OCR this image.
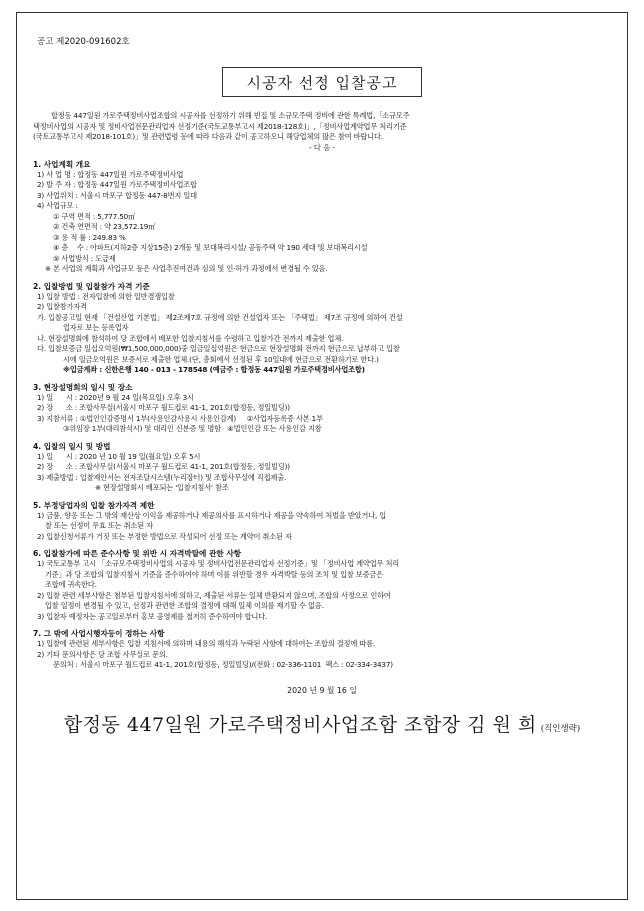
공고 제2020-091602호
시공자 선정 입찰공고
합정동 447일원 가로주택정비사업조합의 시공자를 선정하기 위해 빈집 및 소규모주택 정비에 관한 특례법,「소규모주
택정비사업의 시공자 및 정비사업전문관리업자 선정기준(국토교통부고시 제2018-128호)」,「정비사업계약업무 처리기준
(국토교통부고시 제2018-101호)」및 관련법령 등에 따라 다음과 같이 공고하오니 해당업체의 많은 참여 바랍니다.
- 다 음 -
1. 사업계획 개요
1) 사 업 명 : 합정동 447일원 가로주택정비사업
2) 발 주 자 : 합정동 447일원 가로주택정비사업조합
3) 사업위치 : 서울시 마포구 합정동 447-8번지 일대
4) 사업규모 :
① 구역 면적 : 5,777.50㎡
② 건축 연면적 : 약 23,572.19㎡
③ 용 적 률 : 249.83 %
④ 층    수 : 아파트(지하2층 지상15층) 2개동 및 보대복리시설/ 공동주택 약 190 세대 및 보대복리시설
⑤ 사업방식 : 도급제
※ 본 사업의 계획과 사업규모 등은 사업추진여건과 심의 및 인·허가 과정에서 변경될 수 있음.
2. 입찰방법 및 입찰참가 자격 기준
1) 입찰 방법 : 전자입찰에 의한 일반경쟁입찰
2) 입찰참가자격
가. 입찰공고일 현재 「건설산업 기본법」 제2조제7호 규정에 의한 건설업자 또는 「주택법」 제7조 규정에 의하여 건설
업자로 보는 등록업자
나. 현장설명회에 참석하여 당 조합에서 배포한 입찰지침서를 수령하고 입찰가간 전까지 제출한 업체.
다. 입찰보증금 일십오억원(₩1,500,000,000)중 일금일십억원은 현금으로 현장설명회 전까지 현금으로 납부하고 입찰
시에 일금오억원은 보증서로 제출한 업체.(단, 총회에서 선정된 후 10일내에 현금으로 전환하기로 한다.)
※입금계좌 : 신한은행 140 - 013 - 178548 (예금주 : 합정동 447일원 가로주택정비사업조합)
3. 현장설명회의 일시 및 장소
1) 일      시 : 2020년 9 월 24 일(목요일) 오후 3시
2) 장      소 : 조합사무실(서울시 마포구 월드컵로 41-1, 201호(합정동, 정일빌딩))
3) 지참서류 : ①법인인감증명서 1부(사용인감사용시 사용인감계)     ②사업자등록증 사본 1부
③위임장 1부(대리참석시) 및 대리인 신분증 및 명함   ④법인인감 또는 사용인감 지참
4. 입찰의 일시 및 방법
1) 일      시 : 2020 년 10 월 19 일(월요일) 오후 5시
2) 장      소 : 조합사무실(서울시 마포구 월드컵로 41-1, 201호(합정동, 정일빌딩))
3) 제출방법 : 입찰제안서는 전자조달시스템(누리장터) 및 조합사무실에 직접제출.
※ 현장설명회시 배포되는 '입찰지침서' 참조
5. 부정당업자의 입찰 참가자격 제한
1) 금품, 향응 또는 그 밖의 재산상 이익을 제공하거나 제공의사를 표시하거나 제공을 약속하여 처벌을 받았거나, 입
찰 또는 선정이 무효 또는 취소된 자
2) 입찰신청서류가 거짓 또는 부정한 방법으로 작성되어 선정 또는 계약이 취소된 자
6. 입찰참가에 따른 준수사항 및 위반 시 자격박탈에 관한 사항
1) 국토교통부 고시 「소규모주택정비사업의 시공자 및 정비사업전문관리업자 선정기준」및 「정비사업 계약업무 처리
기준」과 당 조합의 입찰지침서 기준을 준수하여야 하며 이를 위반할 경우 자격박탈 등의 조치 및 입찰 보증금은
조합에 귀속한다.
2) 입찰 관련 세부사항은 첨부된 입찰지침서에 의하고, 제출된 서류는 일체 반환되지 않으며, 조합의 사정으로 인하여
입찰 일정이 변경될 수 있고, 선정과 관련한 조합의 결정에 대해 일체 이의를 제기할 수 없음.
3) 입찰자 예정자는 공고일로부터 홍보 공영제를 철저히 준수하여야 합니다.
7. 그 밖에 사업시행자등이 정하는 사항
1) 입찰에 관련된 세부사항은 입찰 지침서에 의하며 내용의 해석과 누락된 사항에 대하여는 조합의 결정에 따름.
2) 기타 문의사항은 당 조합 사무실로 문의.
문의처 : 서울시 마포구 월드컵로 41-1, 201호(합정동, 정일빌딩)/(전화 : 02-336-1101  팩스 : 02-334-3437)
2020 년 9 월 16 일
합정동 447일원 가로주택정비사업조합 조합장 김 원 희 (직인생략)
